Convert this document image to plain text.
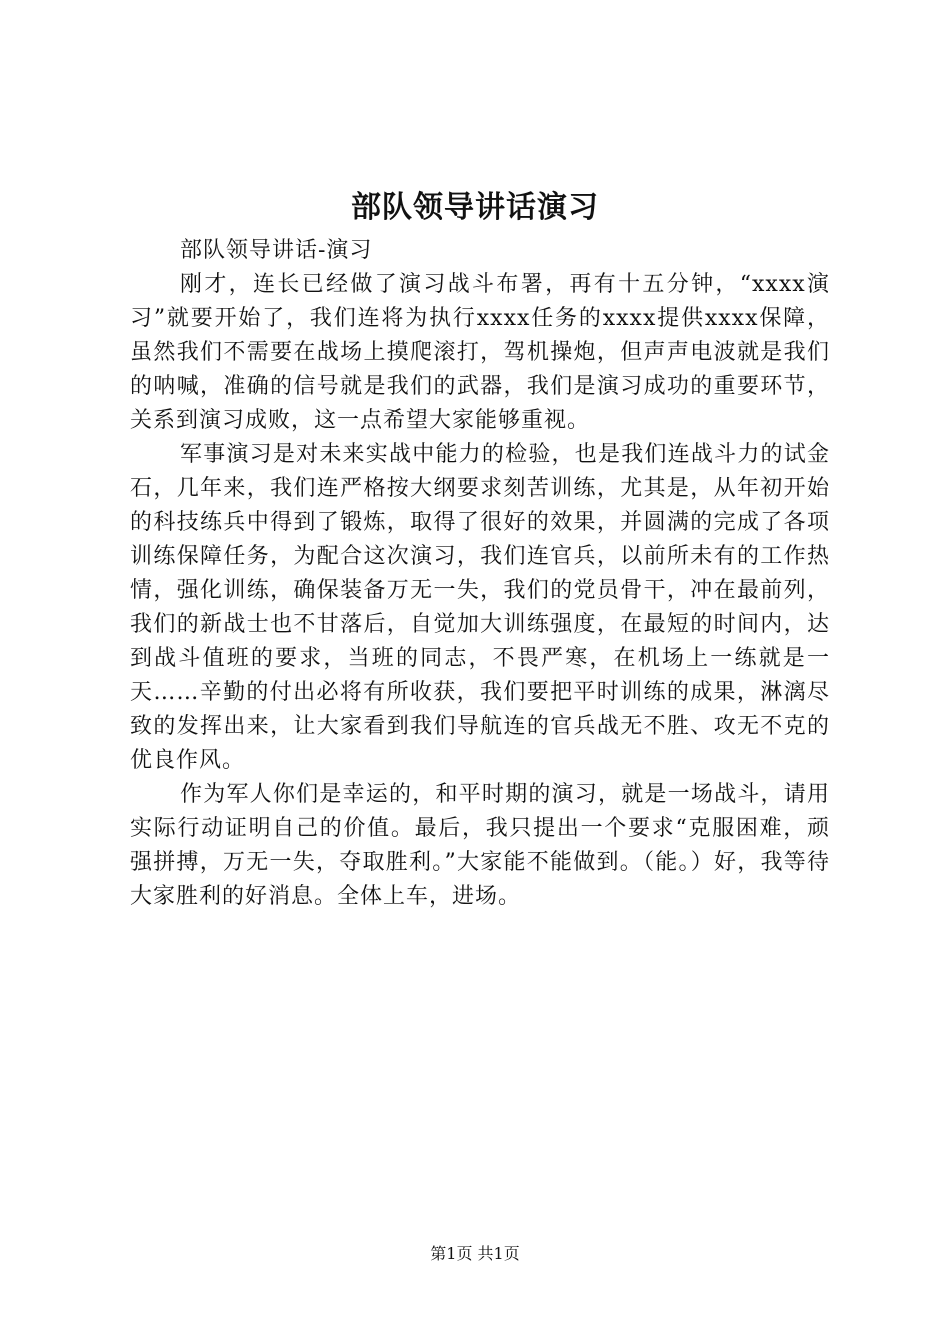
部队领导讲话演习

部队领导讲话-演习

刚才，连长已经做了演习战斗布署，再有十五分钟，“xxxx演习”就要开始了，我们连将为执行xxxx任务的xxxx提供xxxx保障，虽然我们不需要在战场上摸爬滚打，驾机操炮，但声声电波就是我们的呐喊，准确的信号就是我们的武器，我们是演习成功的重要环节，关系到演习成败，这一点希望大家能够重视。

军事演习是对未来实战中能力的检验，也是我们连战斗力的试金石，几年来，我们连严格按大纲要求刻苦训练，尤其是，从年初开始的科技练兵中得到了锻炼，取得了很好的效果，并圆满的完成了各项训练保障任务，为配合这次演习，我们连官兵，以前所未有的工作热情，强化训练，确保装备万无一失，我们的党员骨干，冲在最前列，我们的新战士也不甘落后，自觉加大训练强度，在最短的时间内，达到战斗值班的要求，当班的同志，不畏严寒，在机场上一练就是一天……辛勤的付出必将有所收获，我们要把平时训练的成果，淋漓尽致的发挥出来，让大家看到我们导航连的官兵战无不胜、攻无不克的优良作风。

作为军人你们是幸运的，和平时期的演习，就是一场战斗，请用实际行动证明自己的价值。最后，我只提出一个要求“克服困难，顽强拼搏，万无一失，夺取胜利。”大家能不能做到。（能。）好，我等待大家胜利的好消息。全体上车，进场。

第1页 共1页
